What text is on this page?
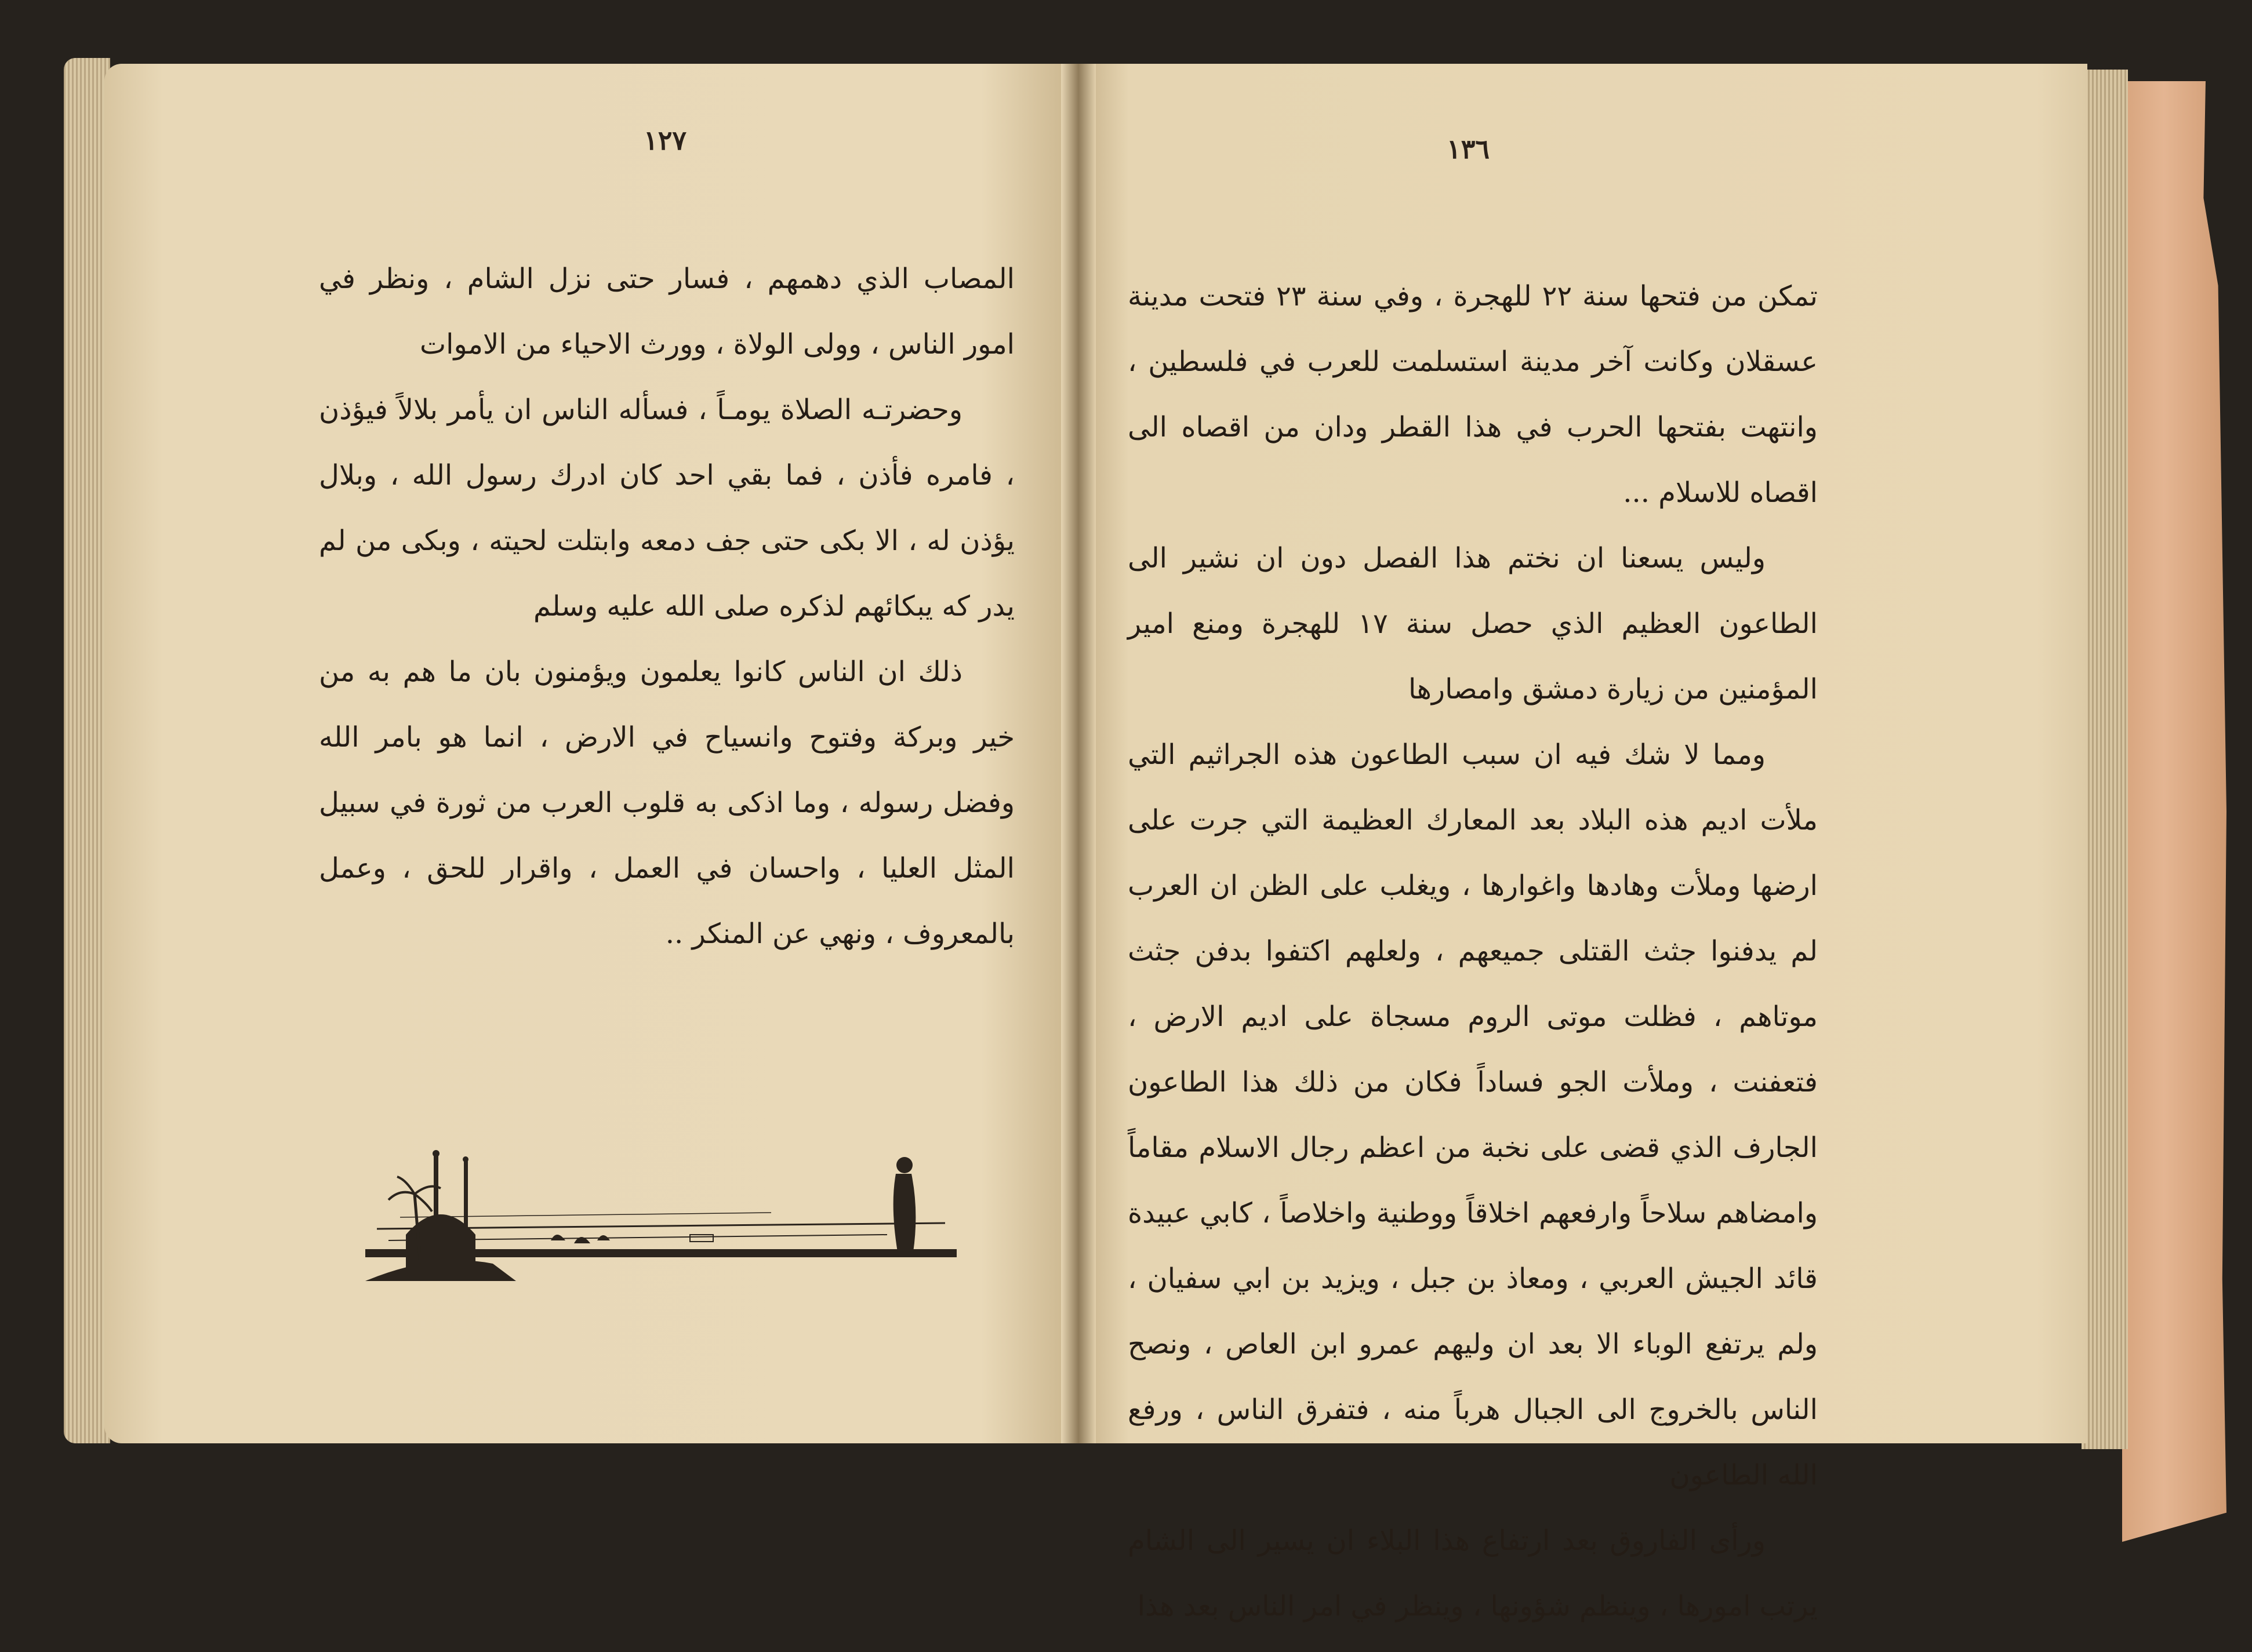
١٢٧

المصاب الذي دهمهم ، فسار حتى نزل الشام ، ونظر في امور الناس ، وولى الولاة ، وورث الاحياء من الاموات

وحضرتـه الصلاة يومـاً ، فسأله الناس ان يأمر بلالاً فيؤذن ، فامره فأذن ، فما بقي احد كان ادرك رسول الله ، وبلال يؤذن له ، الا بكى حتى جف دمعه وابتلت لحيته ، وبكى من لم يدر كه يبكائهم لذكره صلى الله عليه وسلم

ذلك ان الناس كانوا يعلمون ويؤمنون بان ما هم به من خير وبركة وفتوح وانسياح في الارض ، انما هو بامر الله وفضل رسوله ، وما اذكى به قلوب العرب من ثورة في سبيل المثل العليا ، واحسان في العمل ، واقرار للحق ، وعمل بالمعروف ، ونهي عن المنكر ..

١٣٦

تمكن من فتحها سنة ٢٢ للهجرة ، وفي سنة ٢٣ فتحت مدينة عسقلان وكانت آخر مدينة استسلمت للعرب في فلسطين ، وانتهت بفتحها الحرب في هذا القطر ودان من اقصاه الى اقصاه للاسلام ...

وليس يسعنا ان نختم هذا الفصل دون ان نشير الى الطاعون العظيم الذي حصل سنة ١٧ للهجرة ومنع امير المؤمنين من زيارة دمشق وامصارها

ومما لا شك فيه ان سبب الطاعون هذه الجراثيم التي ملأت اديم هذه البلاد بعد المعارك العظيمة التي جرت على ارضها وملأت وهادها واغوارها ، ويغلب على الظن ان العرب لم يدفنوا جثث القتلى جميعهم ، ولعلهم اكتفوا بدفن جثث موتاهم ، فظلت موتى الروم مسجاة على اديم الارض ، فتعفنت ، وملأت الجو فساداً فكان من ذلك هذا الطاعون الجارف الذي قضى على نخبة من اعظم رجال الاسلام مقاماً وامضاهم سلاحاً وارفعهم اخلاقاً ووطنية واخلاصاً ، كابي عبيدة قائد الجيش العربي ، ومعاذ بن جبل ، ويزيد بن ابي سفيان ، ولم يرتفع الوباء الا بعد ان وليهم عمرو ابن العاص ، ونصح الناس بالخروج الى الجبال هرباً منه ، فتفرق الناس ، ورفع الله الطاعون

ورأى الفاروق بعد ارتفاع هذا البلاء ان يسير الى الشام يرتب امورها ، وينظم شؤونها ، وينظر في امر الناس بعد هذا
